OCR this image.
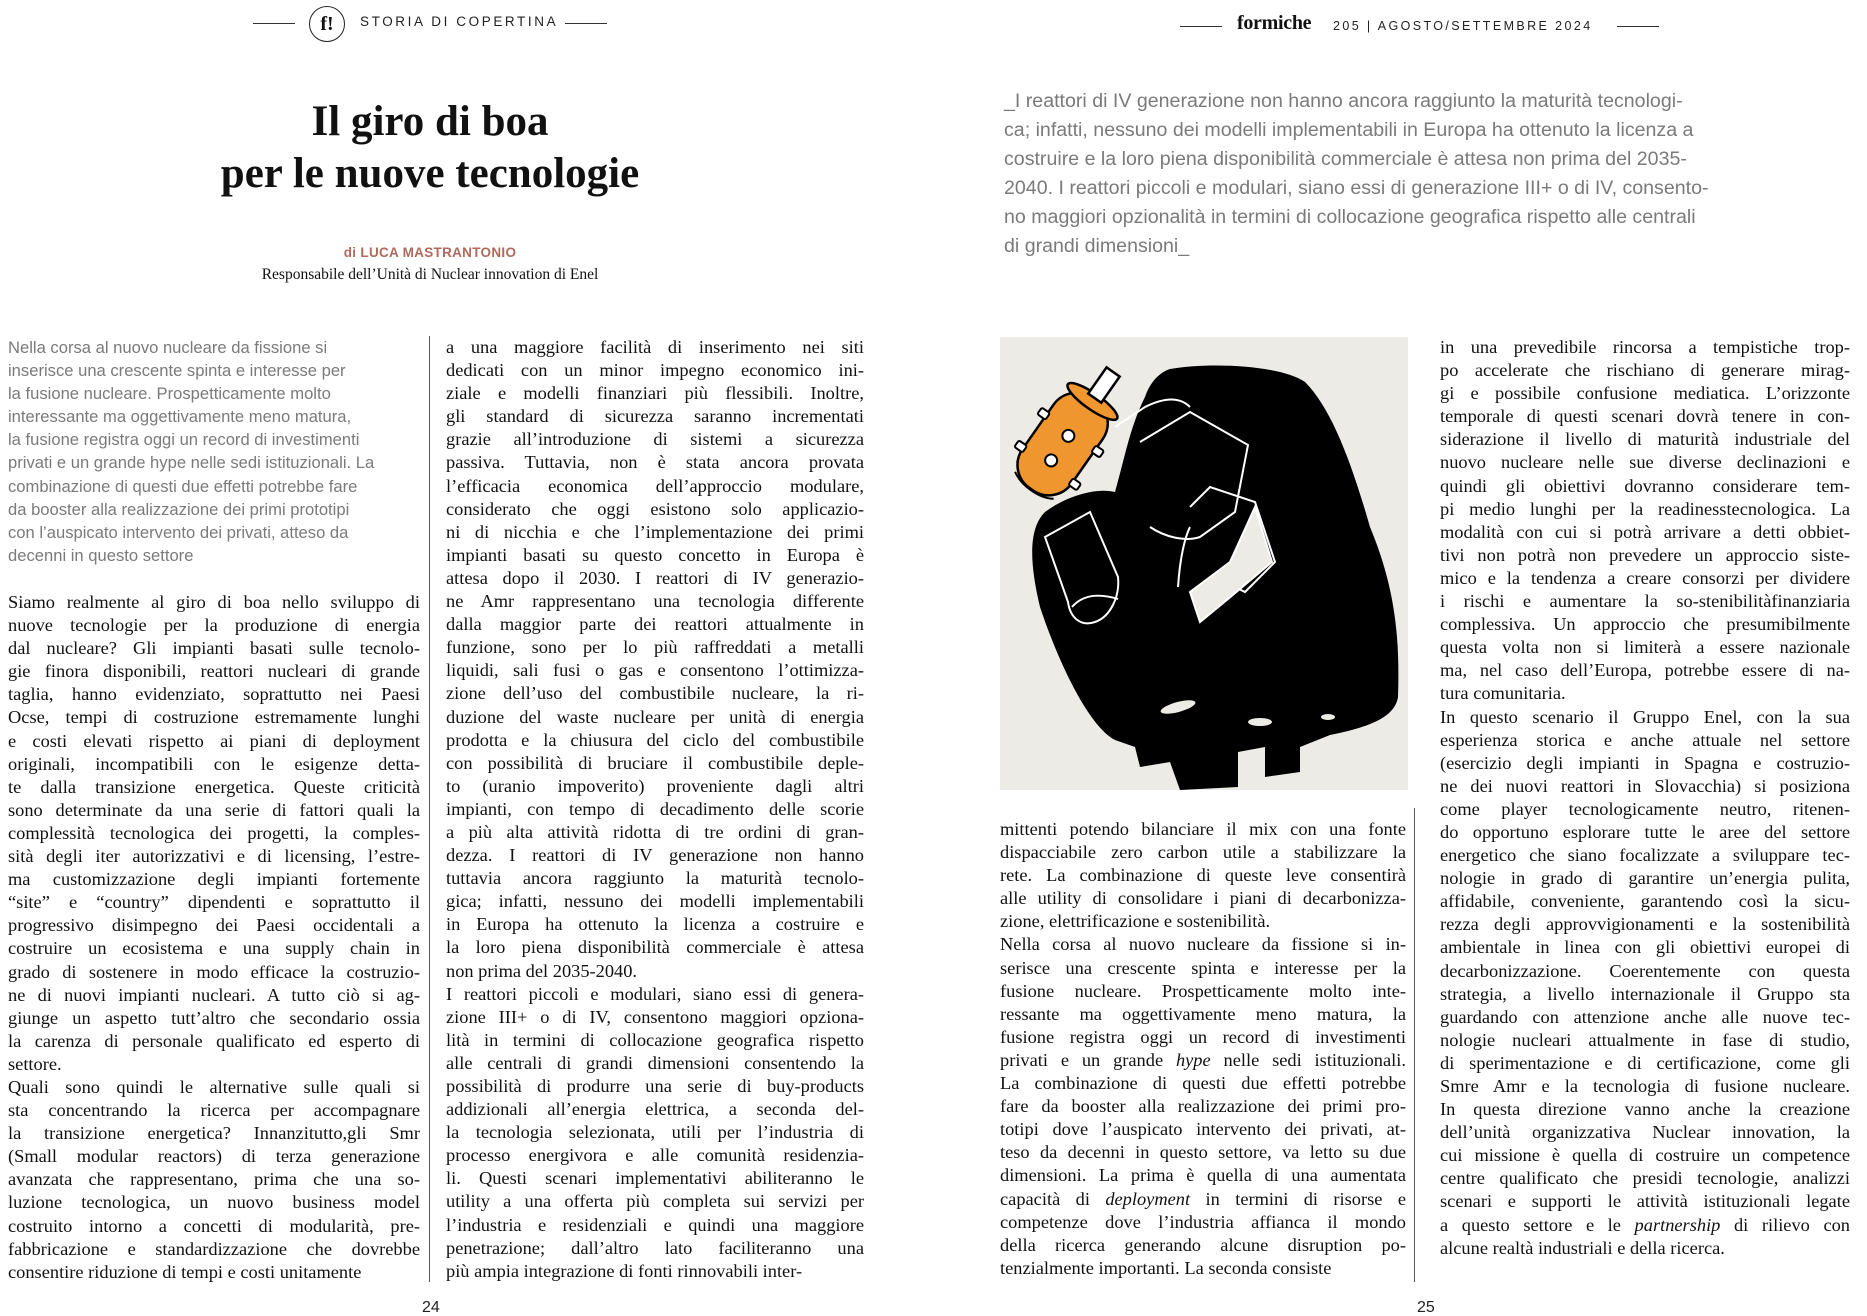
f! STORIA DI COPERTINA	formiche 205 | AGOSTO/SETTEMBRE 2024
Il giro di boa
per le nuove tecnologie
di LUCA MASTRANTONIO
Responsabile dell’Unità di Nuclear innovation di Enel
_I reattori di IV generazione non hanno ancora raggiunto la maturità tecnologi-
ca; infatti, nessuno dei modelli implementabili in Europa ha ottenuto la licenza a
costruire e la loro piena disponibilità commerciale è attesa non prima del 2035-
2040. I reattori piccoli e modulari, siano essi di generazione III+ o di IV, consento-
no maggiori opzionalità in termini di collocazione geografica rispetto alle centrali
di grandi dimensioni_
Nella corsa al nuovo nucleare da fissione si
inserisce una crescente spinta e interesse per
la fusione nucleare. Prospetticamente molto
interessante ma oggettivamente meno matura,
la fusione registra oggi un record di investimenti
privati e un grande hype nelle sedi istituzionali. La
combinazione di questi due effetti potrebbe fare
da booster alla realizzazione dei primi prototipi
con l’auspicato intervento dei privati, atteso da
decenni in questo settore
Siamo realmente al giro di boa nello sviluppo di
nuove tecnologie per la produzione di energia
dal nucleare? Gli impianti basati sulle tecnolo-
gie finora disponibili, reattori nucleari di grande
taglia, hanno evidenziato, soprattutto nei Paesi
Ocse, tempi di costruzione estremamente lunghi
e costi elevati rispetto ai piani di deployment
originali, incompatibili con le esigenze detta-
te dalla transizione energetica. Queste criticità
sono determinate da una serie di fattori quali la
complessità tecnologica dei progetti, la comples-
sità degli iter autorizzativi e di licensing, l’estre-
ma customizzazione degli impianti fortemente
“site” e “country” dipendenti e soprattutto il
progressivo disimpegno dei Paesi occidentali a
costruire un ecosistema e una supply chain in
grado di sostenere in modo efficace la costruzio-
ne di nuovi impianti nucleari. A tutto ciò si ag-
giunge un aspetto tutt’altro che secondario ossia
la carenza di personale qualificato ed esperto di
settore.
Quali sono quindi le alternative sulle quali si
sta concentrando la ricerca per accompagnare
la transizione energetica? Innanzitutto,gli Smr
(Small modular reactors) di terza generazione
avanzata che rappresentano, prima che una so-
luzione tecnologica, un nuovo business model
costruito intorno a concetti di modularità, pre-
fabbricazione e standardizzazione che dovrebbe
consentire riduzione di tempi e costi unitamente
a una maggiore facilità di inserimento nei siti
dedicati con un minor impegno economico ini-
ziale e modelli finanziari più flessibili. Inoltre,
gli standard di sicurezza saranno incrementati
grazie all’introduzione di sistemi a sicurezza
passiva. Tuttavia, non è stata ancora provata
l’efficacia economica dell’approccio modulare,
considerato che oggi esistono solo applicazio-
ni di nicchia e che l’implementazione dei primi
impianti basati su questo concetto in Europa è
attesa dopo il 2030. I reattori di IV generazio-
ne Amr rappresentano una tecnologia differente
dalla maggior parte dei reattori attualmente in
funzione, sono per lo più raffreddati a metalli
liquidi, sali fusi o gas e consentono l’ottimizza-
zione dell’uso del combustibile nucleare, la ri-
duzione del waste nucleare per unità di energia
prodotta e la chiusura del ciclo del combustibile
con possibilità di bruciare il combustibile deple-
to (uranio impoverito) proveniente dagli altri
impianti, con tempo di decadimento delle scorie
a più alta attività ridotta di tre ordini di gran-
dezza. I reattori di IV generazione non hanno
tuttavia ancora raggiunto la maturità tecnolo-
gica; infatti, nessuno dei modelli implementabili
in Europa ha ottenuto la licenza a costruire e
la loro piena disponibilità commerciale è attesa
non prima del 2035-2040.
I reattori piccoli e modulari, siano essi di genera-
zione III+ o di IV, consentono maggiori opziona-
lità in termini di collocazione geografica rispetto
alle centrali di grandi dimensioni consentendo la
possibilità di produrre una serie di buy-products
addizionali all’energia elettrica, a seconda del-
la tecnologia selezionata, utili per l’industria di
processo energivora e alle comunità residenzia-
li. Questi scenari implementativi abiliteranno le
utility a una offerta più completa sui servizi per
l’industria e residenziali e quindi una maggiore
penetrazione; dall’altro lato faciliteranno una
più ampia integrazione di fonti rinnovabili inter-
mittenti potendo bilanciare il mix con una fonte
dispacciabile zero carbon utile a stabilizzare la
rete. La combinazione di queste leve consentirà
alle utility di consolidare i piani di decarbonizza-
zione, elettrificazione e sostenibilità.
Nella corsa al nuovo nucleare da fissione si in-
serisce una crescente spinta e interesse per la
fusione nucleare. Prospetticamente molto inte-
ressante ma oggettivamente meno matura, la
fusione registra oggi un record di investimenti
privati e un grande hype nelle sedi istituzionali.
La combinazione di questi due effetti potrebbe
fare da booster alla realizzazione dei primi pro-
totipi dove l’auspicato intervento dei privati, at-
teso da decenni in questo settore, va letto su due
dimensioni. La prima è quella di una aumentata
capacità di deployment in termini di risorse e
competenze dove l’industria affianca il mondo
della ricerca generando alcune disruption po-
tenzialmente importanti. La seconda consiste
in una prevedibile rincorsa a tempistiche trop-
po accelerate che rischiano di generare mirag-
gi e possibile confusione mediatica. L’orizzonte
temporale di questi scenari dovrà tenere in con-
siderazione il livello di maturità industriale del
nuovo nucleare nelle sue diverse declinazioni e
quindi gli obiettivi dovranno considerare tem-
pi medio lunghi per la readinesstecnologica. La
modalità con cui si potrà arrivare a detti obbiet-
tivi non potrà non prevedere un approccio siste-
mico e la tendenza a creare consorzi per dividere
i rischi e aumentare la so-stenibilitàfinanziaria
complessiva. Un approccio che presumibilmente
questa volta non si limiterà a essere nazionale
ma, nel caso dell’Europa, potrebbe essere di na-
tura comunitaria.
In questo scenario il Gruppo Enel, con la sua
esperienza storica e anche attuale nel settore
(esercizio degli impianti in Spagna e costruzio-
ne dei nuovi reattori in Slovacchia) si posiziona
come player tecnologicamente neutro, ritenen-
do opportuno esplorare tutte le aree del settore
energetico che siano focalizzate a sviluppare tec-
nologie in grado di garantire un’energia pulita,
affidabile, conveniente, garantendo così la sicu-
rezza degli approvvigionamenti e la sostenibilità
ambientale in linea con gli obiettivi europei di
decarbonizzazione. Coerentemente con questa
strategia, a livello internazionale il Gruppo sta
guardando con attenzione anche alle nuove tec-
nologie nucleari attualmente in fase di studio,
di sperimentazione e di certificazione, come gli
Smre Amr e la tecnologia di fusione nucleare.
In questa direzione vanno anche la creazione
dell’unità organizzativa Nuclear innovation, la
cui missione è quella di costruire un competence
centre qualificato che presidi tecnologie, analizzi
scenari e supporti le attività istituzionali legate
a questo settore e le partnership di rilievo con
alcune realtà industriali e della ricerca.
24	25
